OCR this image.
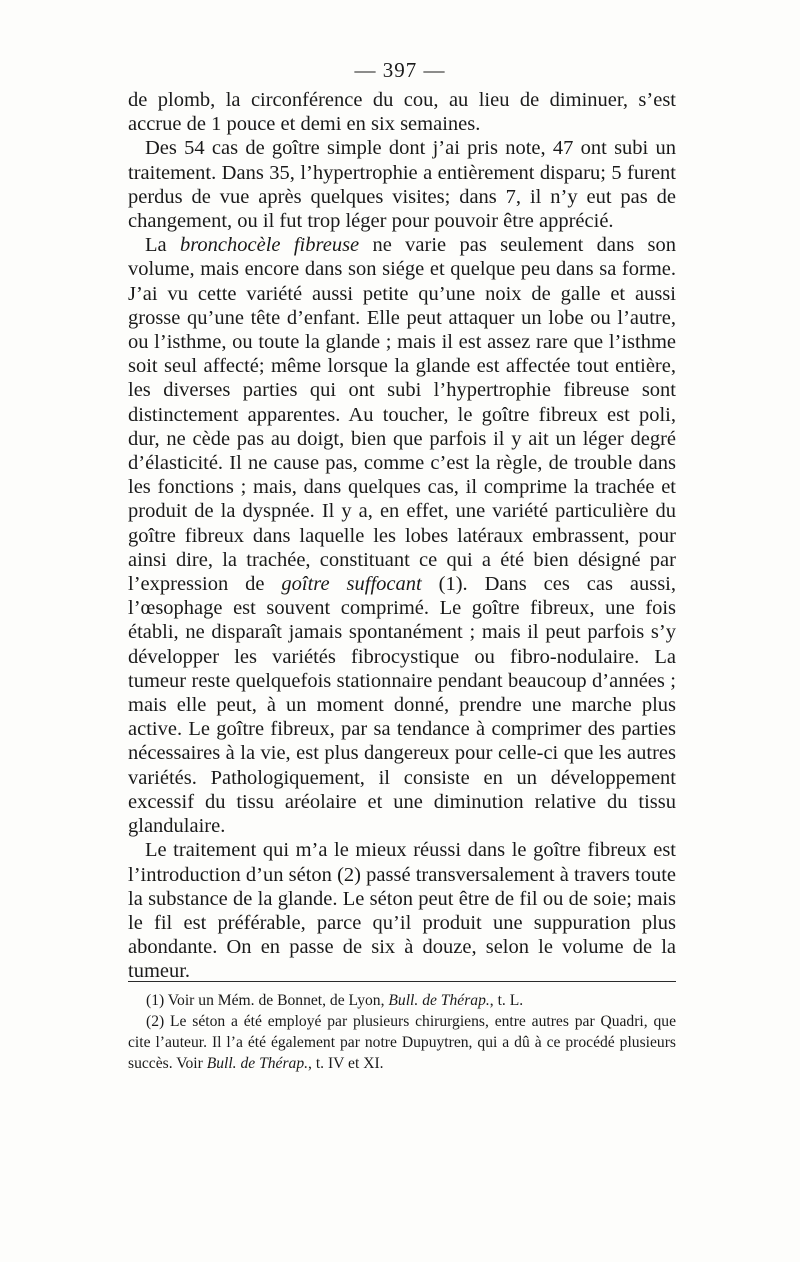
— 397 —

de plomb, la circonférence du cou, au lieu de diminuer, s’est accrue de 1 pouce et demi en six semaines.

Des 54 cas de goître simple dont j’ai pris note, 47 ont subi un traitement. Dans 35, l’hypertrophie a entièrement disparu; 5 furent perdus de vue après quelques visites; dans 7, il n’y eut pas de changement, ou il fut trop léger pour pouvoir être apprécié.

La bronchocèle fibreuse ne varie pas seulement dans son volume, mais encore dans son siége et quelque peu dans sa forme. J’ai vu cette variété aussi petite qu’une noix de galle et aussi grosse qu’une tête d’enfant. Elle peut attaquer un lobe ou l’autre, ou l’isthme, ou toute la glande ; mais il est assez rare que l’isthme soit seul affecté; même lorsque la glande est affectée tout entière, les diverses parties qui ont subi l’hypertrophie fibreuse sont distinctement apparentes. Au toucher, le goître fibreux est poli, dur, ne cède pas au doigt, bien que parfois il y ait un léger degré d’élasticité. Il ne cause pas, comme c’est la règle, de trouble dans les fonctions ; mais, dans quelques cas, il comprime la trachée et produit de la dyspnée. Il y a, en effet, une variété particulière du goître fibreux dans laquelle les lobes latéraux embrassent, pour ainsi dire, la trachée, constituant ce qui a été bien désigné par l’expression de goître suffocant (1). Dans ces cas aussi, l’œsophage est souvent comprimé. Le goître fibreux, une fois établi, ne disparaît jamais spontanément ; mais il peut parfois s’y développer les variétés fibrocystique ou fibro-nodulaire. La tumeur reste quelquefois stationnaire pendant beaucoup d’années ; mais elle peut, à un moment donné, prendre une marche plus active. Le goître fibreux, par sa tendance à comprimer des parties nécessaires à la vie, est plus dangereux pour celle-ci que les autres variétés. Pathologiquement, il consiste en un développement excessif du tissu aréolaire et une diminution relative du tissu glandulaire.

Le traitement qui m’a le mieux réussi dans le goître fibreux est l’introduction d’un séton (2) passé transversalement à travers toute la substance de la glande. Le séton peut être de fil ou de soie; mais le fil est préférable, parce qu’il produit une suppuration plus abondante. On en passe de six à douze, selon le volume de la tumeur.

(1) Voir un Mém. de Bonnet, de Lyon, Bull. de Thérap., t. L.

(2) Le séton a été employé par plusieurs chirurgiens, entre autres par Quadri, que cite l’auteur. Il l’a été également par notre Dupuytren, qui a dû à ce procédé plusieurs succès. Voir Bull. de Thérap., t. IV et XI.
